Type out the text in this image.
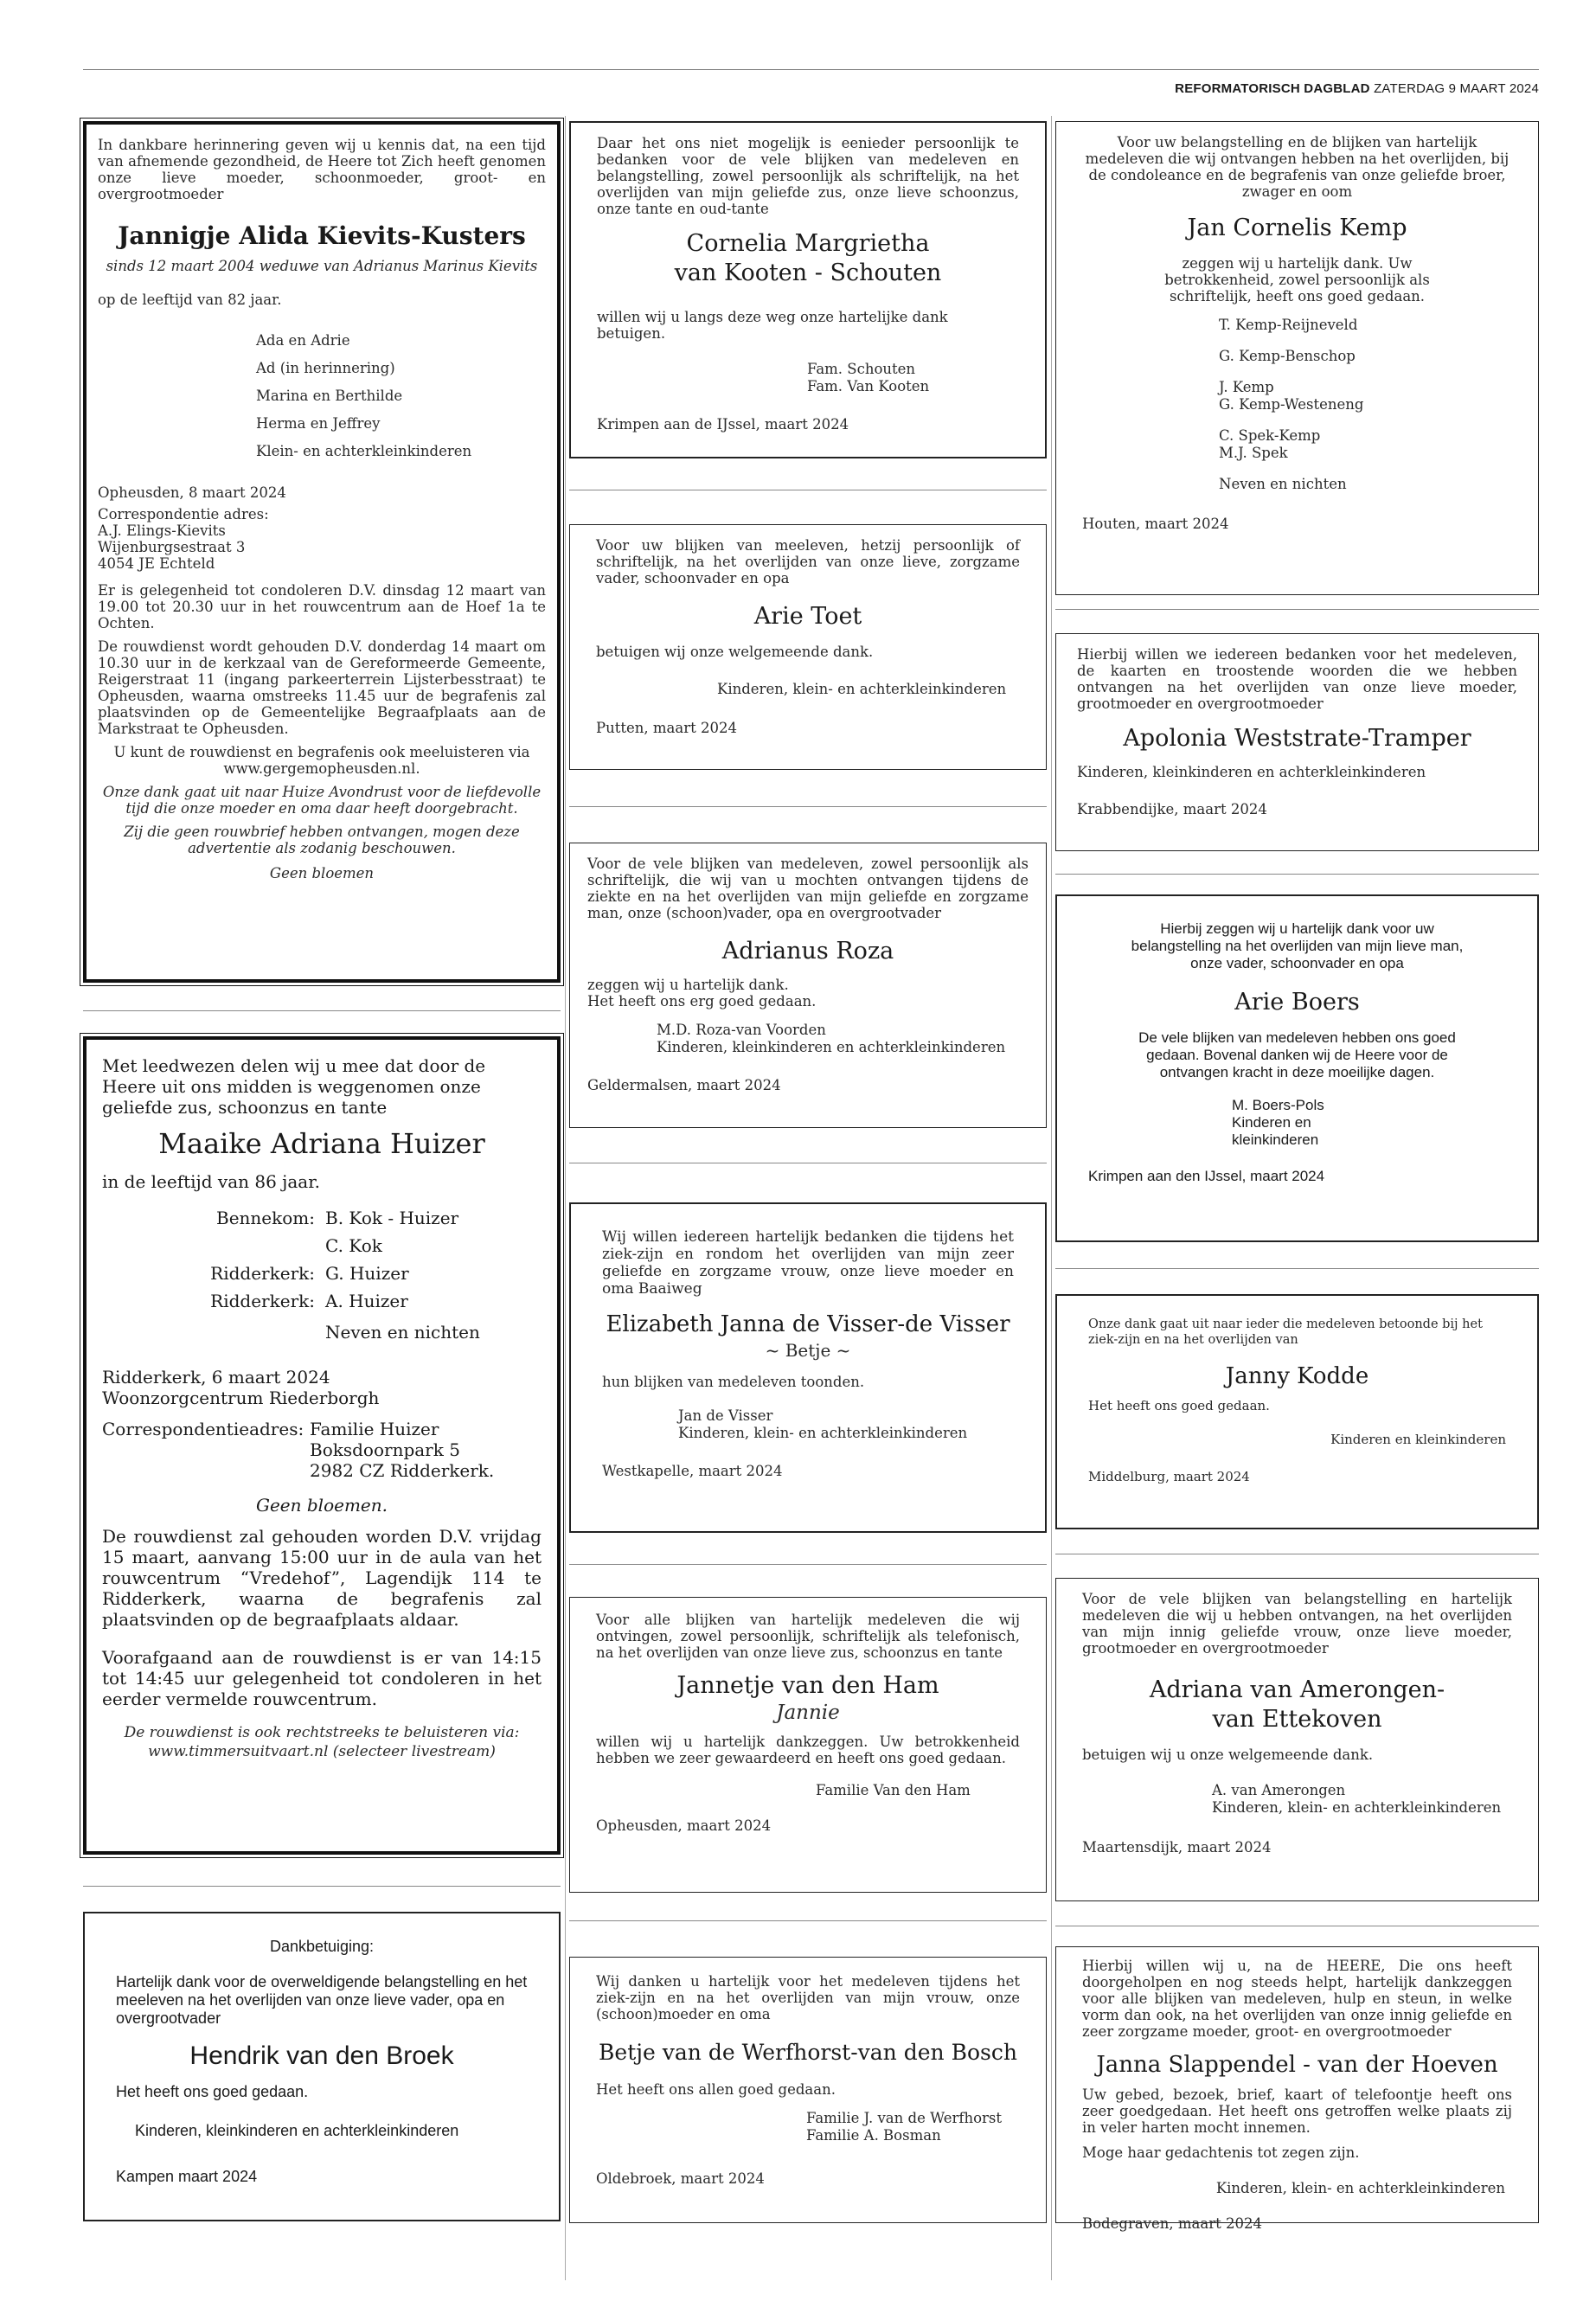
REFORMATORISCH DAGBLAD ZATERDAG 9 MAART 2024
In dankbare herinnering geven wij u kennis dat, na een tijd van afnemende gezondheid, de Heere tot Zich heeft genomen onze lieve moeder, schoonmoeder, groot- en overgrootmoeder
Jannigje Alida Kievits-Kusters
sinds 12 maart 2004 weduwe van Adrianus Marinus Kievits
op de leeftijd van 82 jaar.
Ada en Adrie
Ad (in herinnering)
Marina en Berthilde
Herma en Jeffrey
Klein- en achterkleinkinderen
Opheusden, 8 maart 2024
Correspondentie adres:
A.J. Elings-Kievits
Wijenburgsestraat 3
4054 JE Echteld
Er is gelegenheid tot condoleren D.V. dinsdag 12 maart van 19.00 tot 20.30 uur in het rouwcentrum aan de Hoef 1a te Ochten.
De rouwdienst wordt gehouden D.V. donderdag 14 maart om 10.30 uur in de kerkzaal van de Gereformeerde Gemeente, Reigerstraat 11 (ingang parkeerterrein Lijsterbesstraat) te Opheusden, waarna omstreeks 11.45 uur de begrafenis zal plaatsvinden op de Gemeentelijke Begraafplaats aan de Markstraat te Opheusden.
U kunt de rouwdienst en begrafenis ook meeluisteren via
www.gergemopheusden.nl.
Onze dank gaat uit naar Huize Avondrust voor de liefdevolle tijd die onze moeder en oma daar heeft doorgebracht.
Zij die geen rouwbrief hebben ontvangen, mogen deze advertentie als zodanig beschouwen.
Geen bloemen
Met leedwezen delen wij u mee dat door de Heere uit ons midden is weggenomen onze geliefde zus, schoonzus en tante
Maaike Adriana Huizer
in de leeftijd van 86 jaar.
Bennekom: B. Kok - Huizer
C. Kok
Ridderkerk: G. Huizer
Ridderkerk: A. Huizer
Neven en nichten
Ridderkerk, 6 maart 2024
Woonzorgcentrum Riederborgh
Correspondentieadres: Familie Huizer
Boksdoornpark 5
2982 CZ Ridderkerk.
Geen bloemen.
De rouwdienst zal gehouden worden D.V. vrijdag 15 maart, aanvang 15:00 uur in de aula van het rouwcentrum “Vredehof”, Lagendijk 114 te Ridderkerk, waarna de begrafenis zal plaatsvinden op de begraafplaats aldaar.
Voorafgaand aan de rouwdienst is er van 14:15 tot 14:45 uur gelegenheid tot condoleren in het eerder vermelde rouwcentrum.
De rouwdienst is ook rechtstreeks te beluisteren via:
www.timmersuitvaart.nl (selecteer livestream)
Dankbetuiging:
Hartelijk dank voor de overweldigende belangstelling en het meeleven na het overlijden van onze lieve vader, opa en overgrootvader
Hendrik van den Broek
Het heeft ons goed gedaan.
Kinderen, kleinkinderen en achterkleinkinderen
Kampen maart 2024
Daar het ons niet mogelijk is eenieder persoonlijk te bedanken voor de vele blijken van medeleven en belangstelling, zowel persoonlijk als schriftelijk, na het overlijden van mijn geliefde zus, onze lieve schoonzus, onze tante en oud-tante
Cornelia Margrietha
van Kooten - Schouten
willen wij u langs deze weg onze hartelijke dank betuigen.
Fam. Schouten
Fam. Van Kooten
Krimpen aan de IJssel, maart 2024
Voor uw blijken van meeleven, hetzij persoonlijk of schriftelijk, na het overlijden van onze lieve, zorgzame vader, schoonvader en opa
Arie Toet
betuigen wij onze welgemeende dank.
Kinderen, klein- en achterkleinkinderen
Putten, maart 2024
Voor de vele blijken van medeleven, zowel persoonlijk als schriftelijk, die wij van u mochten ontvangen tijdens de ziekte en na het overlijden van mijn geliefde en zorgzame man, onze (schoon)vader, opa en overgrootvader
Adrianus Roza
zeggen wij u hartelijk dank.
Het heeft ons erg goed gedaan.
M.D. Roza-van Voorden
Kinderen, kleinkinderen en achterkleinkinderen
Geldermalsen, maart 2024
Wij willen iedereen hartelijk bedanken die tijdens het ziek-zijn en rondom het overlijden van mijn zeer geliefde en zorgzame vrouw, onze lieve moeder en oma Baaiweg
Elizabeth Janna de Visser-de Visser
~ Betje ~
hun blijken van medeleven toonden.
Jan de Visser
Kinderen, klein- en achterkleinkinderen
Westkapelle, maart 2024
Voor alle blijken van hartelijk medeleven die wij ontvingen, zowel persoonlijk, schriftelijk als telefonisch, na het overlijden van onze lieve zus, schoonzus en tante
Jannetje van den Ham
Jannie
willen wij u hartelijk dankzeggen. Uw betrokkenheid hebben we zeer gewaardeerd en heeft ons goed gedaan.
Familie Van den Ham
Opheusden, maart 2024
Wij danken u hartelijk voor het medeleven tijdens het ziek-zijn en na het overlijden van mijn vrouw, onze (schoon)moeder en oma
Betje van de Werfhorst-van den Bosch
Het heeft ons allen goed gedaan.
Familie J. van de Werfhorst
Familie A. Bosman
Oldebroek, maart 2024
Voor uw belangstelling en de blijken van hartelijk medeleven die wij ontvangen hebben na het overlijden, bij de condoleance en de begrafenis van onze geliefde broer, zwager en oom
Jan Cornelis Kemp
zeggen wij u hartelijk dank. Uw betrokkenheid, zowel persoonlijk als schriftelijk, heeft ons goed gedaan.
T. Kemp-Reijneveld
G. Kemp-Benschop
J. Kemp
G. Kemp-Westeneng
C. Spek-Kemp
M.J. Spek
Neven en nichten
Houten, maart 2024
Hierbij willen we iedereen bedanken voor het medeleven, de kaarten en troostende woorden die we hebben ontvangen na het overlijden van onze lieve moeder, grootmoeder en overgrootmoeder
Apolonia Weststrate-Tramper
Kinderen, kleinkinderen en achterkleinkinderen
Krabbendijke, maart 2024
Hierbij zeggen wij u hartelijk dank voor uw belangstelling na het overlijden van mijn lieve man, onze vader, schoonvader en opa
Arie Boers
De vele blijken van medeleven hebben ons goed gedaan. Bovenal danken wij de Heere voor de ontvangen kracht in deze moeilijke dagen.
M. Boers-Pols
Kinderen en
kleinkinderen
Krimpen aan den IJssel, maart 2024
Onze dank gaat uit naar ieder die medeleven betoonde bij het ziek-zijn en na het overlijden van
Janny Kodde
Het heeft ons goed gedaan.
Kinderen en kleinkinderen
Middelburg, maart 2024
Voor de vele blijken van belangstelling en hartelijk medeleven die wij u hebben ontvangen, na het overlijden van mijn innig geliefde vrouw, onze lieve moeder, grootmoeder en overgrootmoeder
Adriana van Amerongen-
van Ettekoven
betuigen wij u onze welgemeende dank.
A. van Amerongen
Kinderen, klein- en achterkleinkinderen
Maartensdijk, maart 2024
Hierbij willen wij u, na de HEERE, Die ons heeft doorgeholpen en nog steeds helpt, hartelijk dankzeggen voor alle blijken van medeleven, hulp en steun, in welke vorm dan ook, na het overlijden van onze innig geliefde en zeer zorgzame moeder, groot- en overgrootmoeder
Janna Slappendel - van der Hoeven
Uw gebed, bezoek, brief, kaart of telefoontje heeft ons zeer goedgedaan. Het heeft ons getroffen welke plaats zij in veler harten mocht innemen.
Moge haar gedachtenis tot zegen zijn.
Kinderen, klein- en achterkleinkinderen
Bodegraven, maart 2024
